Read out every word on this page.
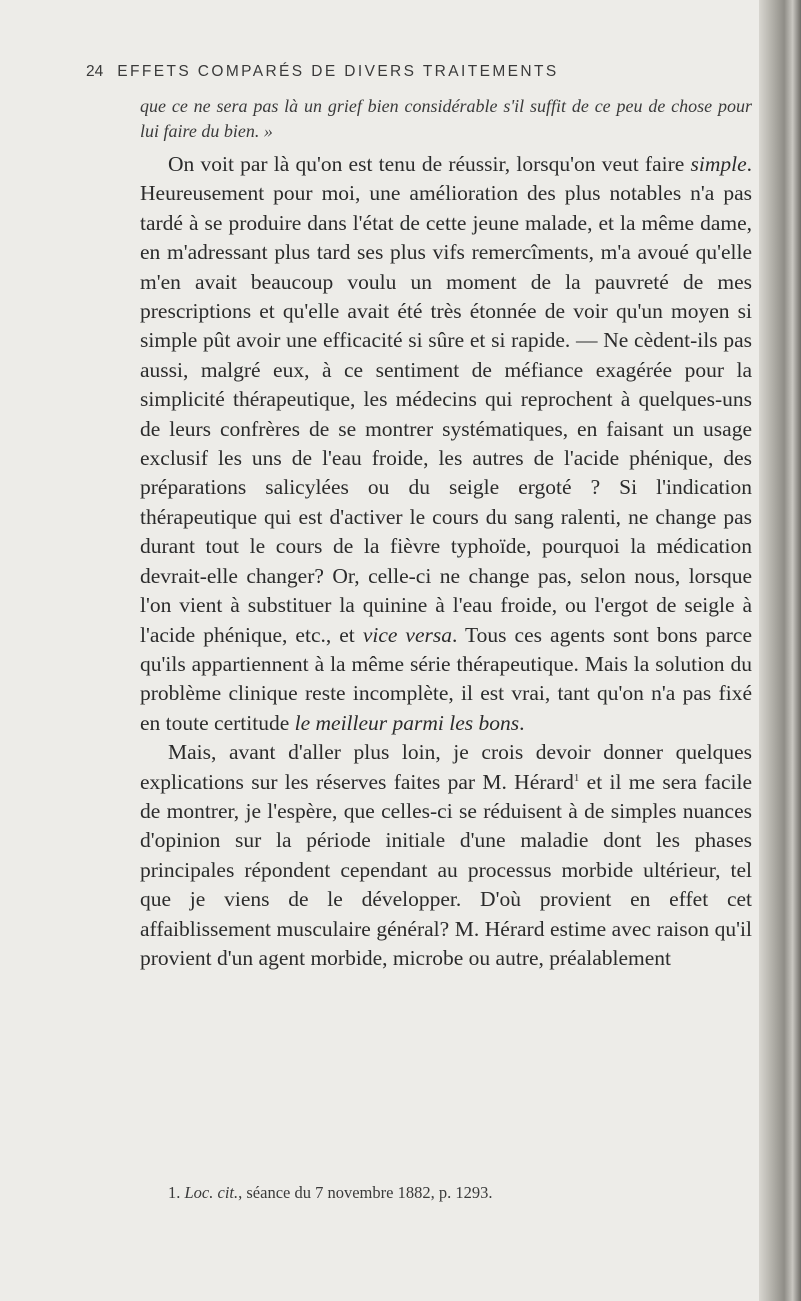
24 EFFETS COMPARÉS DE DIVERS TRAITEMENTS

que ce ne sera pas là un grief bien considérable s'il suffit de ce peu de chose pour lui faire du bien. »

On voit par là qu'on est tenu de réussir, lorsqu'on veut faire simple. Heureusement pour moi, une amélioration des plus notables n'a pas tardé à se produire dans l'état de cette jeune malade, et la même dame, en m'adressant plus tard ses plus vifs remercîments, m'a avoué qu'elle m'en avait beaucoup voulu un moment de la pauvreté de mes prescriptions et qu'elle avait été très étonnée de voir qu'un moyen si simple pût avoir une efficacité si sûre et si rapide. — Ne cèdent-ils pas aussi, malgré eux, à ce sentiment de méfiance exagérée pour la simplicité thérapeutique, les médecins qui reprochent à quelques-uns de leurs confrères de se montrer systématiques, en faisant un usage exclusif les uns de l'eau froide, les autres de l'acide phénique, des préparations salicylées ou du seigle ergoté ? Si l'indication thérapeutique qui est d'activer le cours du sang ralenti, ne change pas durant tout le cours de la fièvre typhoïde, pourquoi la médication devrait-elle changer? Or, celle-ci ne change pas, selon nous, lorsque l'on vient à substituer la quinine à l'eau froide, ou l'ergot de seigle à l'acide phénique, etc., et vice versa. Tous ces agents sont bons parce qu'ils appartiennent à la même série thérapeutique. Mais la solution du problème clinique reste incomplète, il est vrai, tant qu'on n'a pas fixé en toute certitude le meilleur parmi les bons.

Mais, avant d'aller plus loin, je crois devoir donner quelques explications sur les réserves faites par M. Hérard$^1$ et il me sera facile de montrer, je l'espère, que celles-ci se réduisent à de simples nuances d'opinion sur la période initiale d'une maladie dont les phases principales répondent cependant au processus morbide ultérieur, tel que je viens de le développer. D'où provient en effet cet affaiblissement musculaire général? M. Hérard estime avec raison qu'il provient d'un agent morbide, microbe ou autre, préalablement

1. Loc. cit., séance du 7 novembre 1882, p. 1293.
